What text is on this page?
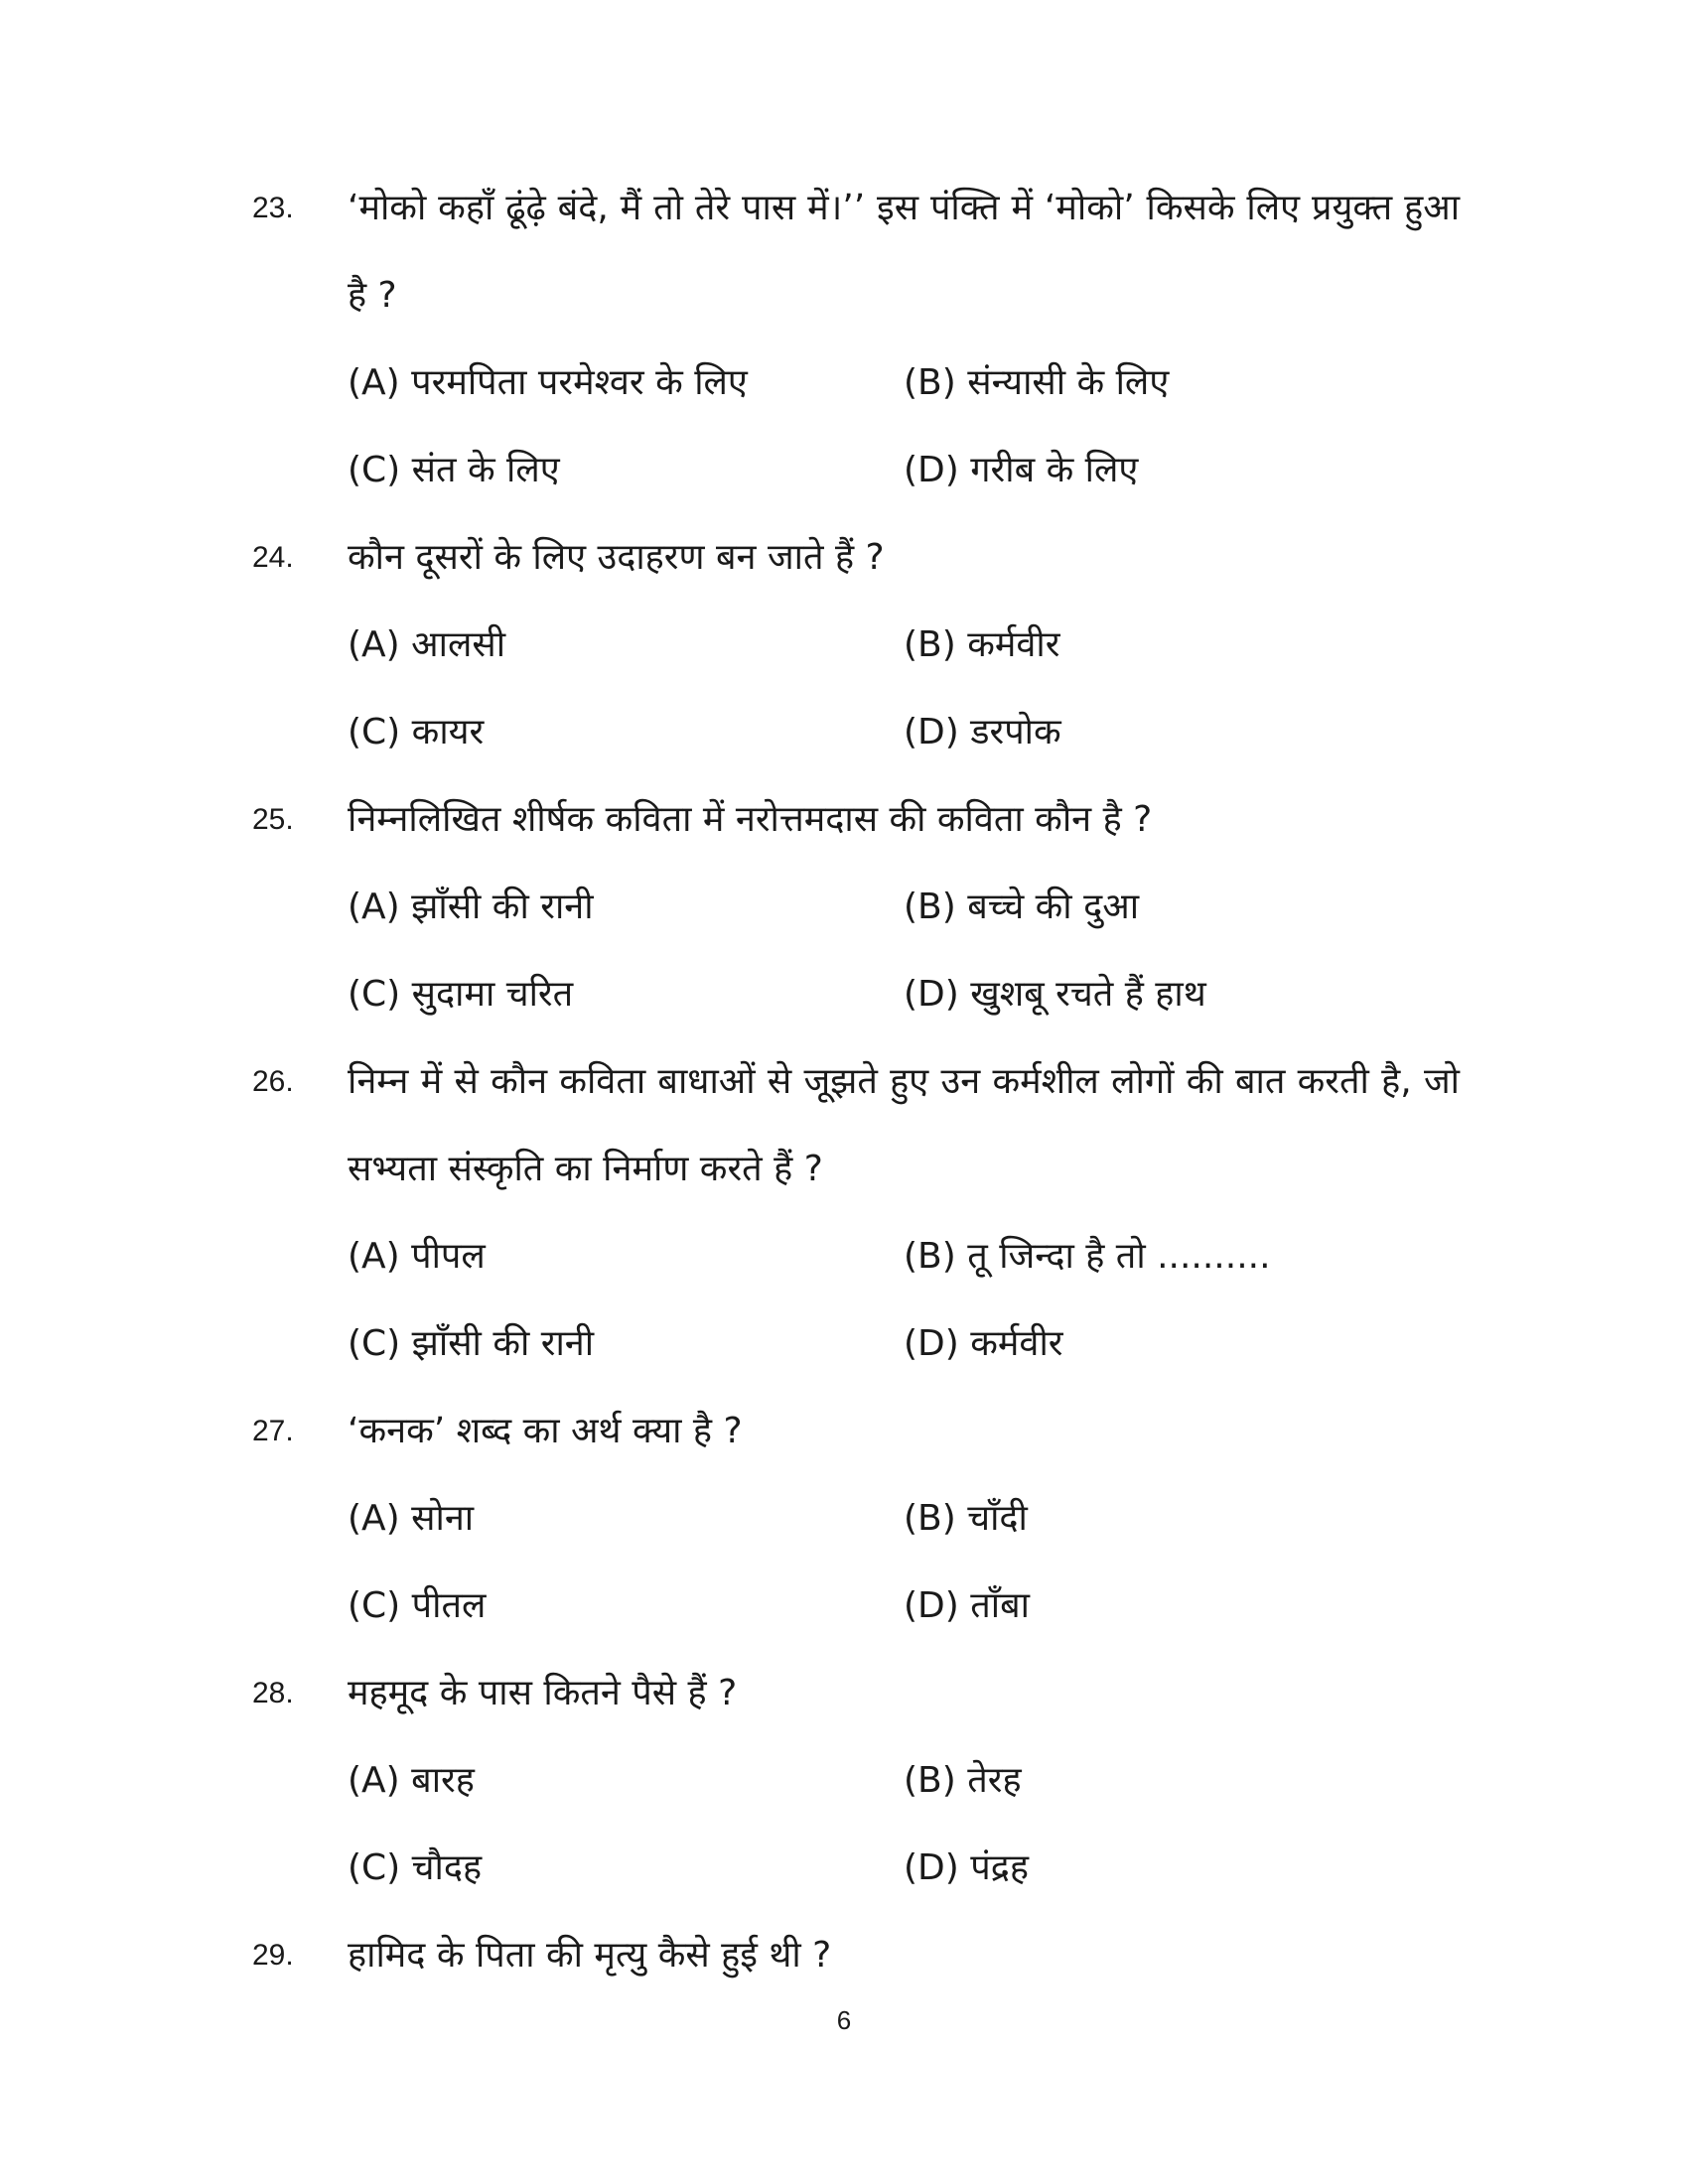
23.	‘मोको कहाँ ढूंढ़े बंदे, मैं तो तेरे पास में।’’ इस पंक्ति में ‘मोको’ किसके लिए प्रयुक्त हुआ है ?
(A) परमपिता परमेश्वर के लिए	(B) संन्यासी के लिए
(C) संत के लिए	(D) गरीब के लिए
24.	कौन दूसरों के लिए उदाहरण बन जाते हैं ?
(A) आलसी	(B) कर्मवीर
(C) कायर	(D) डरपोक
25.	निम्नलिखित शीर्षक कविता में नरोत्तमदास की कविता कौन है ?
(A) झाँसी की रानी	(B) बच्चे की दुआ
(C) सुदामा चरित	(D) खुशबू रचते हैं हाथ
26.	निम्न में से कौन कविता बाधाओं से जूझते हुए उन कर्मशील लोगों की बात करती है, जो सभ्यता संस्कृति का निर्माण करते हैं ?
(A) पीपल	(B) तू जिन्दा है तो ..........
(C) झाँसी की रानी	(D) कर्मवीर
27.	‘कनक’ शब्द का अर्थ क्या है ?
(A) सोना	(B) चाँदी
(C) पीतल	(D) ताँबा
28.	महमूद के पास कितने पैसे हैं ?
(A) बारह	(B) तेरह
(C) चौदह	(D) पंद्रह
29.	हामिद के पिता की मृत्यु कैसे हुई थी ?
6
